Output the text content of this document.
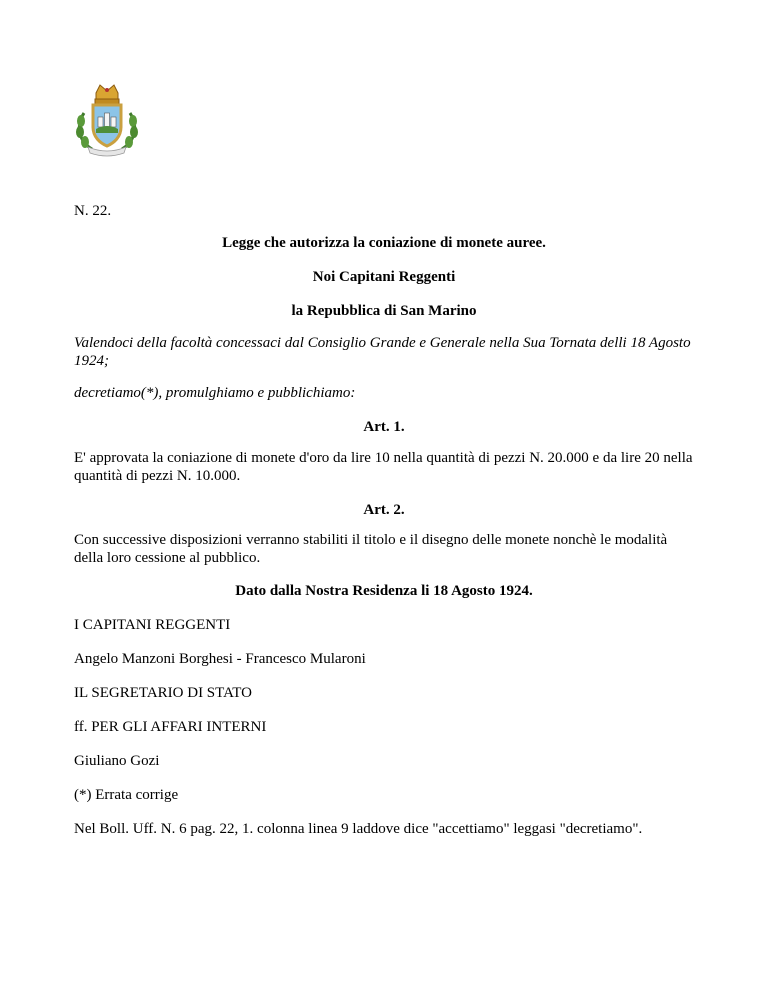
N. 22.
Legge che autorizza la coniazione di monete auree.
Noi Capitani Reggenti
la Repubblica di San Marino
Valendoci della facoltà concessaci dal Consiglio Grande e Generale nella Sua Tornata delli 18 Agosto 1924;
decretiamo(*), promulghiamo e pubblichiamo:
Art. 1.
E' approvata la coniazione di monete d'oro da lire 10 nella quantità di pezzi N. 20.000 e da lire 20 nella quantità di pezzi N. 10.000.
Art. 2.
Con successive disposizioni verranno stabiliti il titolo e il disegno delle monete nonchè le modalità della loro cessione al pubblico.
Dato dalla Nostra Residenza li 18 Agosto 1924.
I CAPITANI REGGENTI
Angelo Manzoni Borghesi - Francesco Mularoni
IL SEGRETARIO DI STATO
ff. PER GLI AFFARI INTERNI
Giuliano Gozi
(*) Errata corrige
Nel Boll. Uff. N. 6 pag. 22, 1. colonna linea 9 laddove dice "accettiamo" leggasi "decretiamo".
